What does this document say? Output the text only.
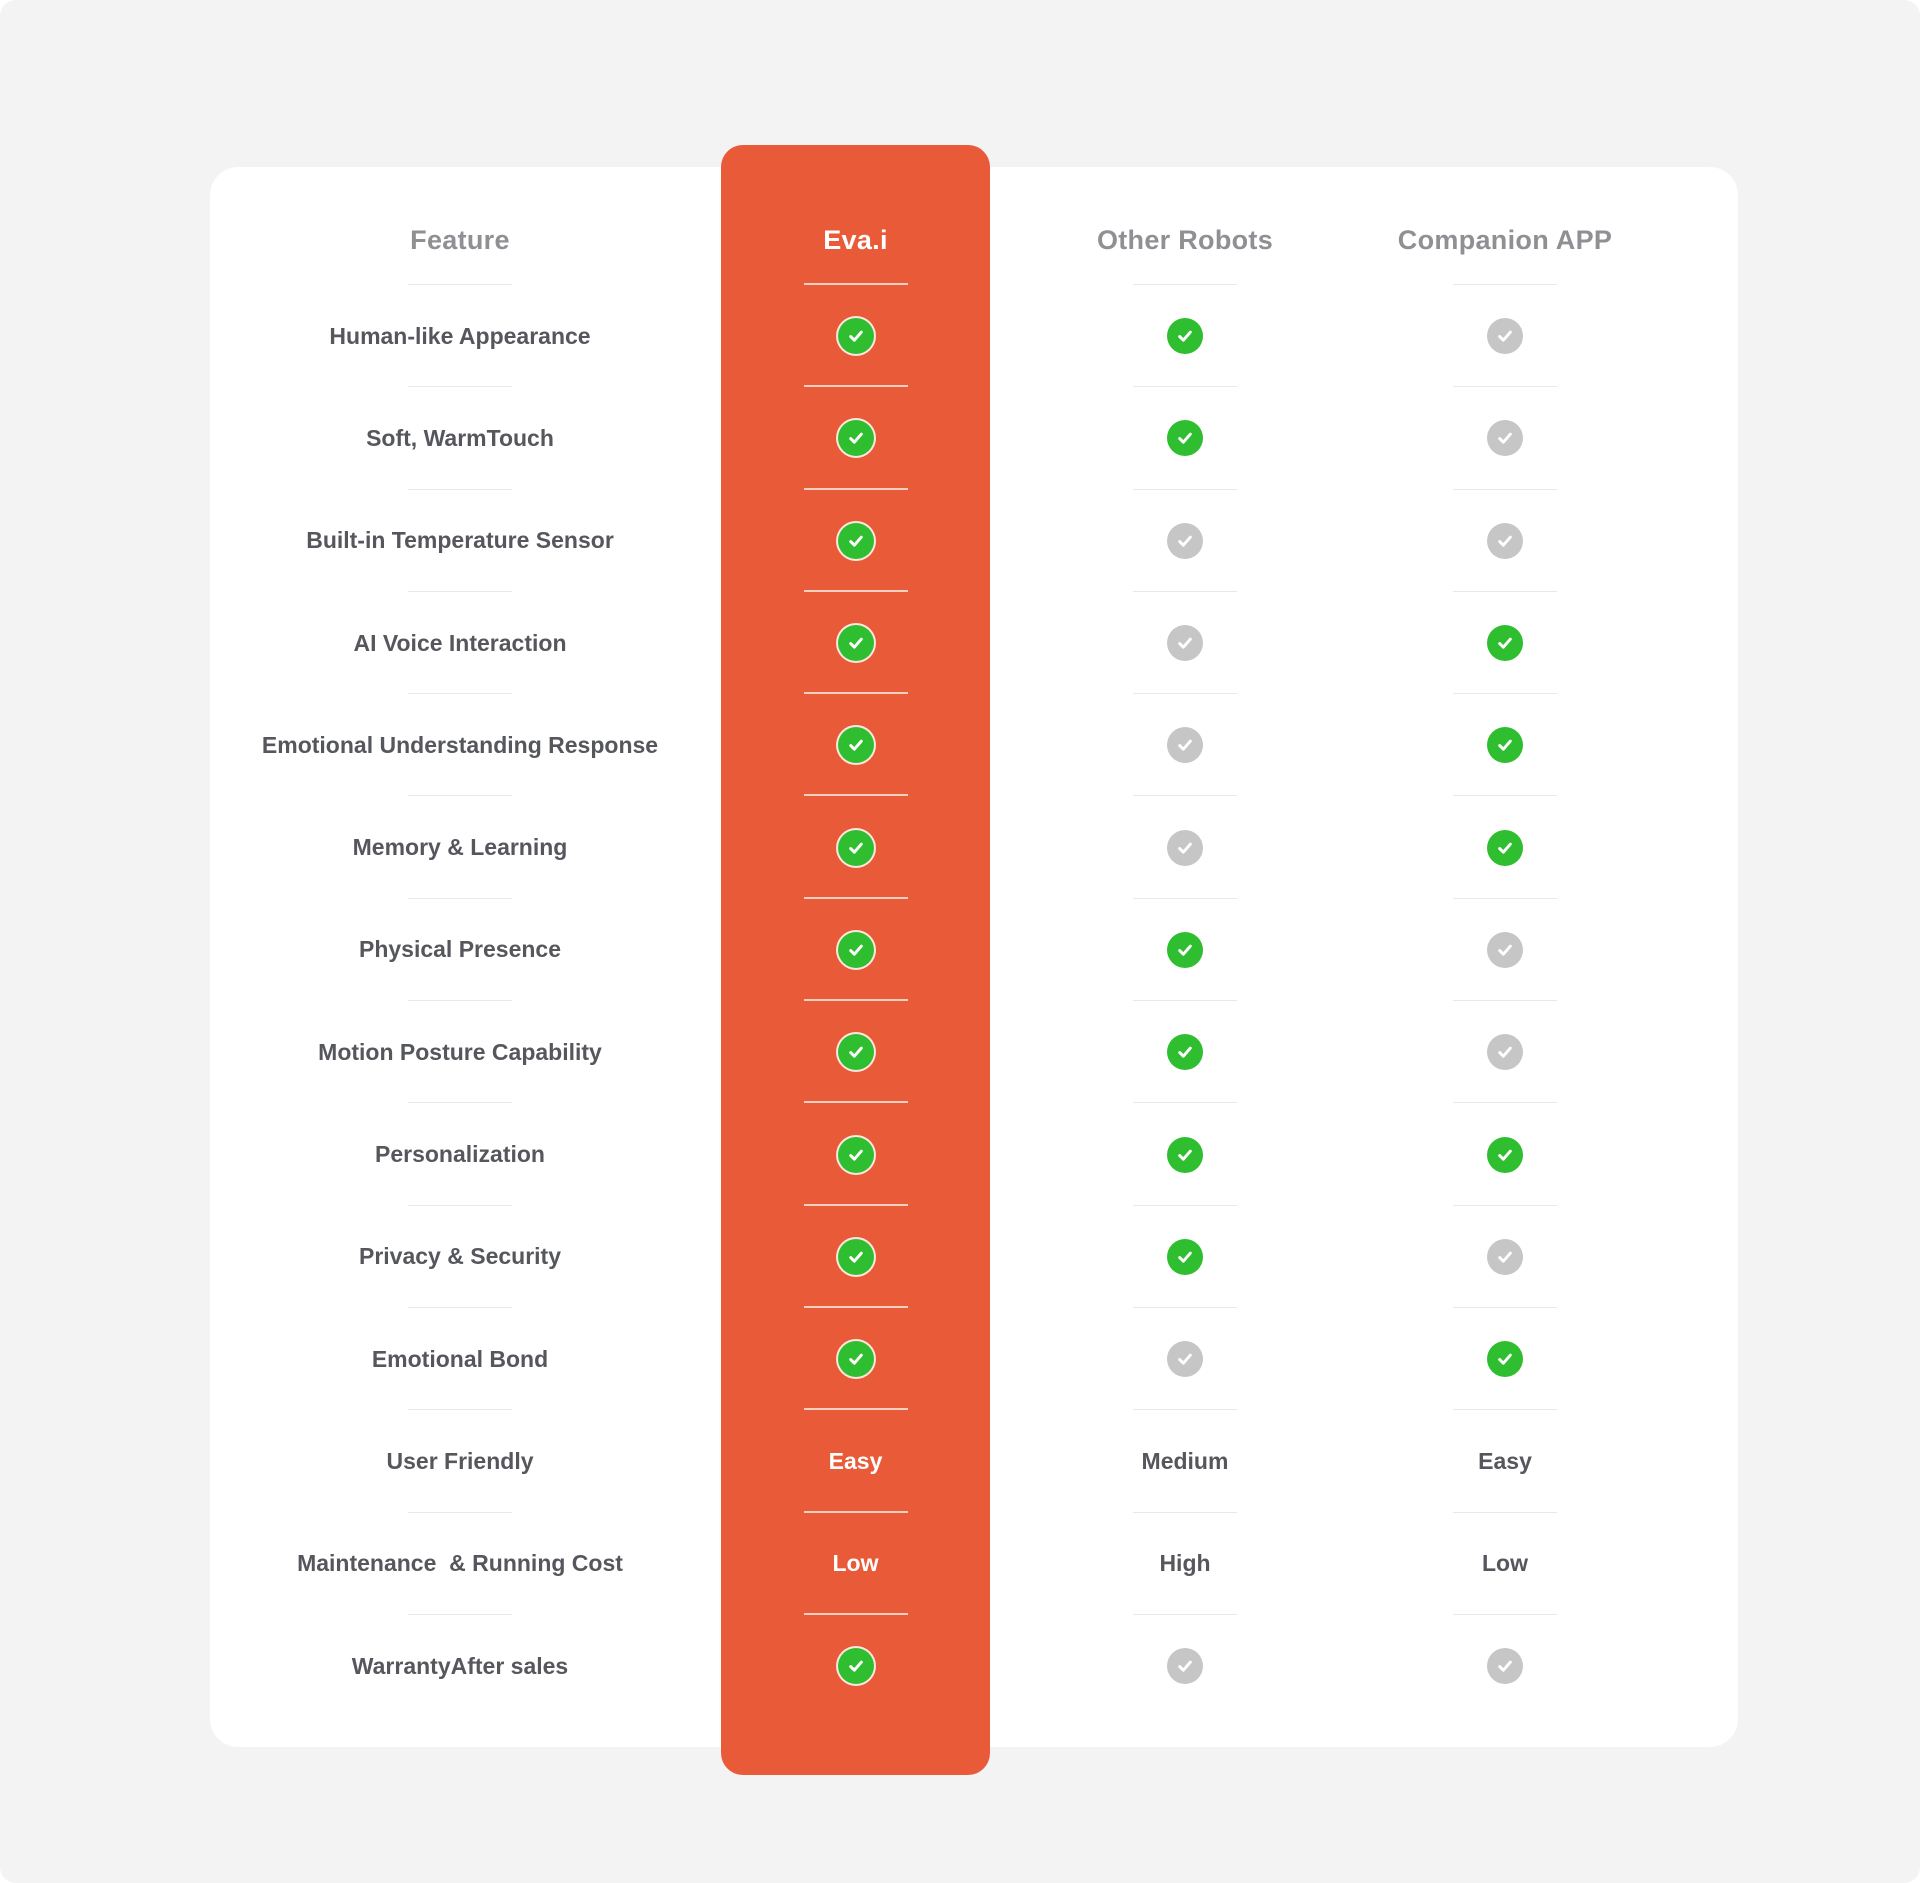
Feature
Human-like Appearance
Soft, WarmTouch
Built-in Temperature Sensor
AI Voice Interaction
Emotional Understanding Response
Memory & Learning
Physical Presence
Motion Posture Capability
Personalization
Privacy & Security
Emotional Bond
User Friendly
Maintenance  & Running Cost
WarrantyAfter sales
Eva.i
Easy
Low
Other Robots
Medium
High
Companion APP
Easy
Low
